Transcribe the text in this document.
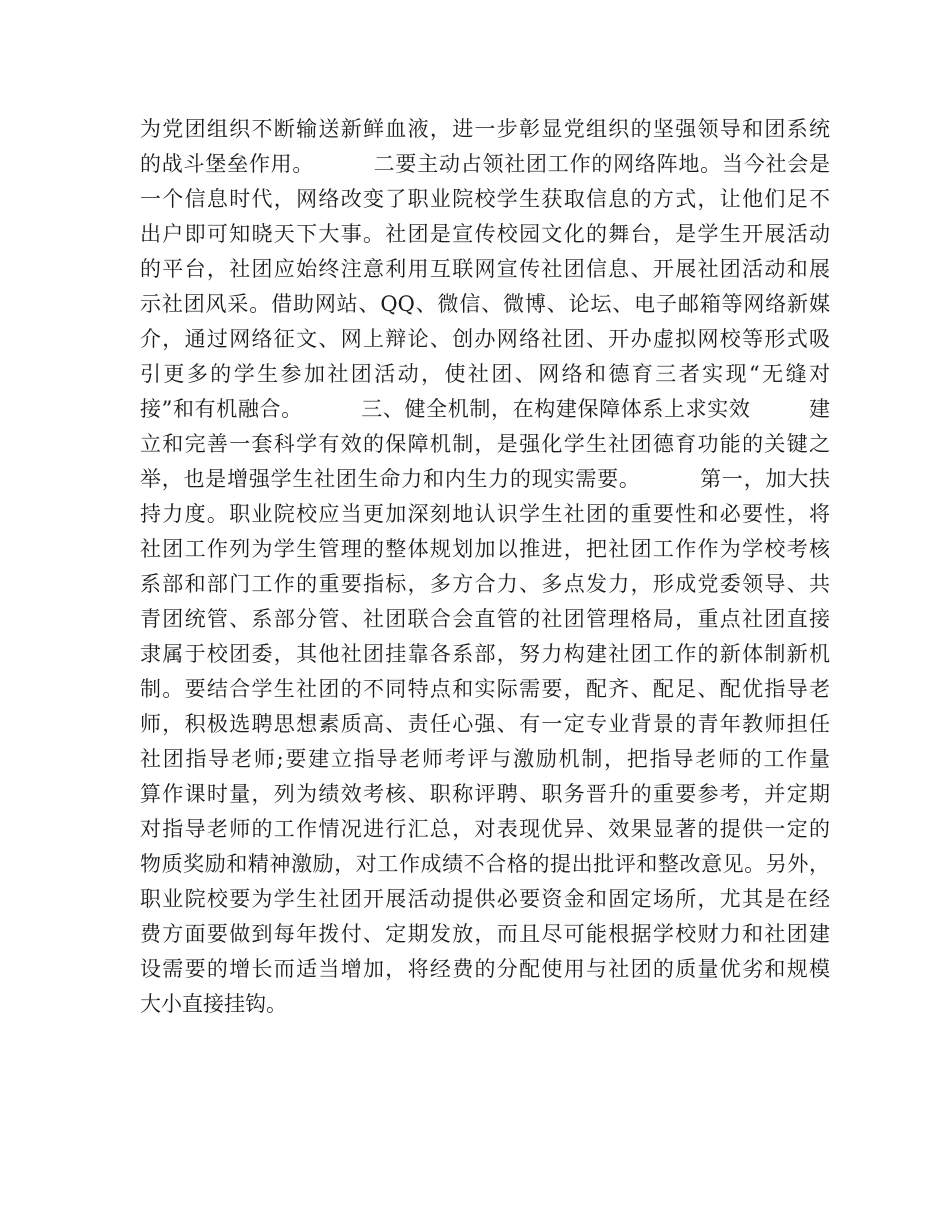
为党团组织不断输送新鲜血液，进一步彰显党组织的坚强领导和团系统
的战斗堡垒作用。        二要主动占领社团工作的网络阵地。当今社会是
一个信息时代，网络改变了职业院校学生获取信息的方式，让他们足不
出户即可知晓天下大事。社团是宣传校园文化的舞台，是学生开展活动
的平台，社团应始终注意利用互联网宣传社团信息、开展社团活动和展
示社团风采。借助网站、QQ、微信、微博、论坛、电子邮箱等网络新媒
介，通过网络征文、网上辩论、创办网络社团、开办虚拟网校等形式吸
引更多的学生参加社团活动，使社团、网络和德育三者实现“无缝对
接”和有机融合。        三、健全机制，在构建保障体系上求实效        建
立和完善一套科学有效的保障机制，是强化学生社团德育功能的关键之
举，也是增强学生社团生命力和内生力的现实需要。        第一，加大扶
持力度。职业院校应当更加深刻地认识学生社团的重要性和必要性，将
社团工作列为学生管理的整体规划加以推进，把社团工作作为学校考核
系部和部门工作的重要指标，多方合力、多点发力，形成党委领导、共
青团统管、系部分管、社团联合会直管的社团管理格局，重点社团直接
隶属于校团委，其他社团挂靠各系部，努力构建社团工作的新体制新机
制。要结合学生社团的不同特点和实际需要，配齐、配足、配优指导老
师，积极选聘思想素质高、责任心强、有一定专业背景的青年教师担任
社团指导老师;要建立指导老师考评与激励机制，把指导老师的工作量
算作课时量，列为绩效考核、职称评聘、职务晋升的重要参考，并定期
对指导老师的工作情况进行汇总，对表现优异、效果显著的提供一定的
物质奖励和精神激励，对工作成绩不合格的提出批评和整改意见。另外，
职业院校要为学生社团开展活动提供必要资金和固定场所，尤其是在经
费方面要做到每年拨付、定期发放，而且尽可能根据学校财力和社团建
设需要的增长而适当增加，将经费的分配使用与社团的质量优劣和规模
大小直接挂钩。
